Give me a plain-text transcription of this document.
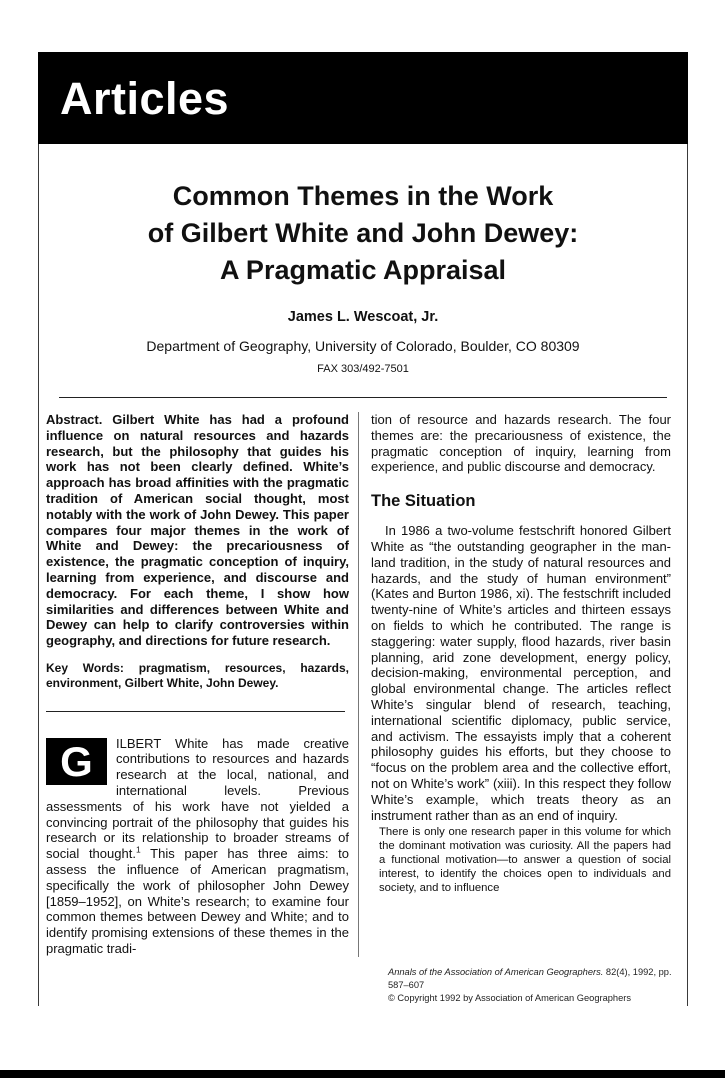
Articles
Common Themes in the Work
of Gilbert White and John Dewey:
A Pragmatic Appraisal
James L. Wescoat, Jr.
Department of Geography, University of Colorado, Boulder, CO 80309
FAX 303/492-7501

Abstract. Gilbert White has had a profound influence on natural resources and hazards research, but the philosophy that guides his work has not been clearly defined. White’s approach has broad affinities with the pragmatic tradition of American social thought, most notably with the work of John Dewey. This paper compares four major themes in the work of White and Dewey: the precariousness of existence, the pragmatic conception of inquiry, learning from experience, and discourse and democracy. For each theme, I show how similarities and differences between White and Dewey can help to clarify controversies within geography, and directions for future research.

Key Words: pragmatism, resources, hazards, environment, Gilbert White, John Dewey.

G	ILBERT White has made creative contributions to resources and hazards research at the local, national, and international levels. Previous assessments of his work have not yielded a convincing portrait of the philosophy that guides his research or its relationship to broader streams of social thought.$^1$ This paper has three aims: to assess the influence of American pragmatism, specifically the work of philosopher John Dewey [1859–1952], on White’s research; to examine four common themes between Dewey and White; and to identify promising extensions of these themes in the pragmatic tradi-

tion of resource and hazards research. The four themes are: the precariousness of existence, the pragmatic conception of inquiry, learning from experience, and public discourse and democracy.

The Situation

In 1986 a two-volume festschrift honored Gilbert White as “the outstanding geographer in the man-land tradition, in the study of natural resources and hazards, and the study of human environment” (Kates and Burton 1986, xi). The festschrift included twenty-nine of White’s articles and thirteen essays on fields to which he contributed. The range is staggering: water supply, flood hazards, river basin planning, arid zone development, energy policy, decision-making, environmental perception, and global environmental change. The articles reflect White’s singular blend of research, teaching, international scientific diplomacy, public service, and activism. The essayists imply that a coherent philosophy guides his efforts, but they choose to “focus on the problem area and the collective effort, not on White’s work” (xiii). In this respect they follow White’s example, which treats theory as an instrument rather than as an end of inquiry.

There is only one research paper in this volume for which the dominant motivation was curiosity. All the papers had a functional motivation—to answer a question of social interest, to identify the choices open to individuals and society, and to influence

Annals of the Association of American Geographers. 82(4), 1992, pp. 587–607
© Copyright 1992 by Association of American Geographers
